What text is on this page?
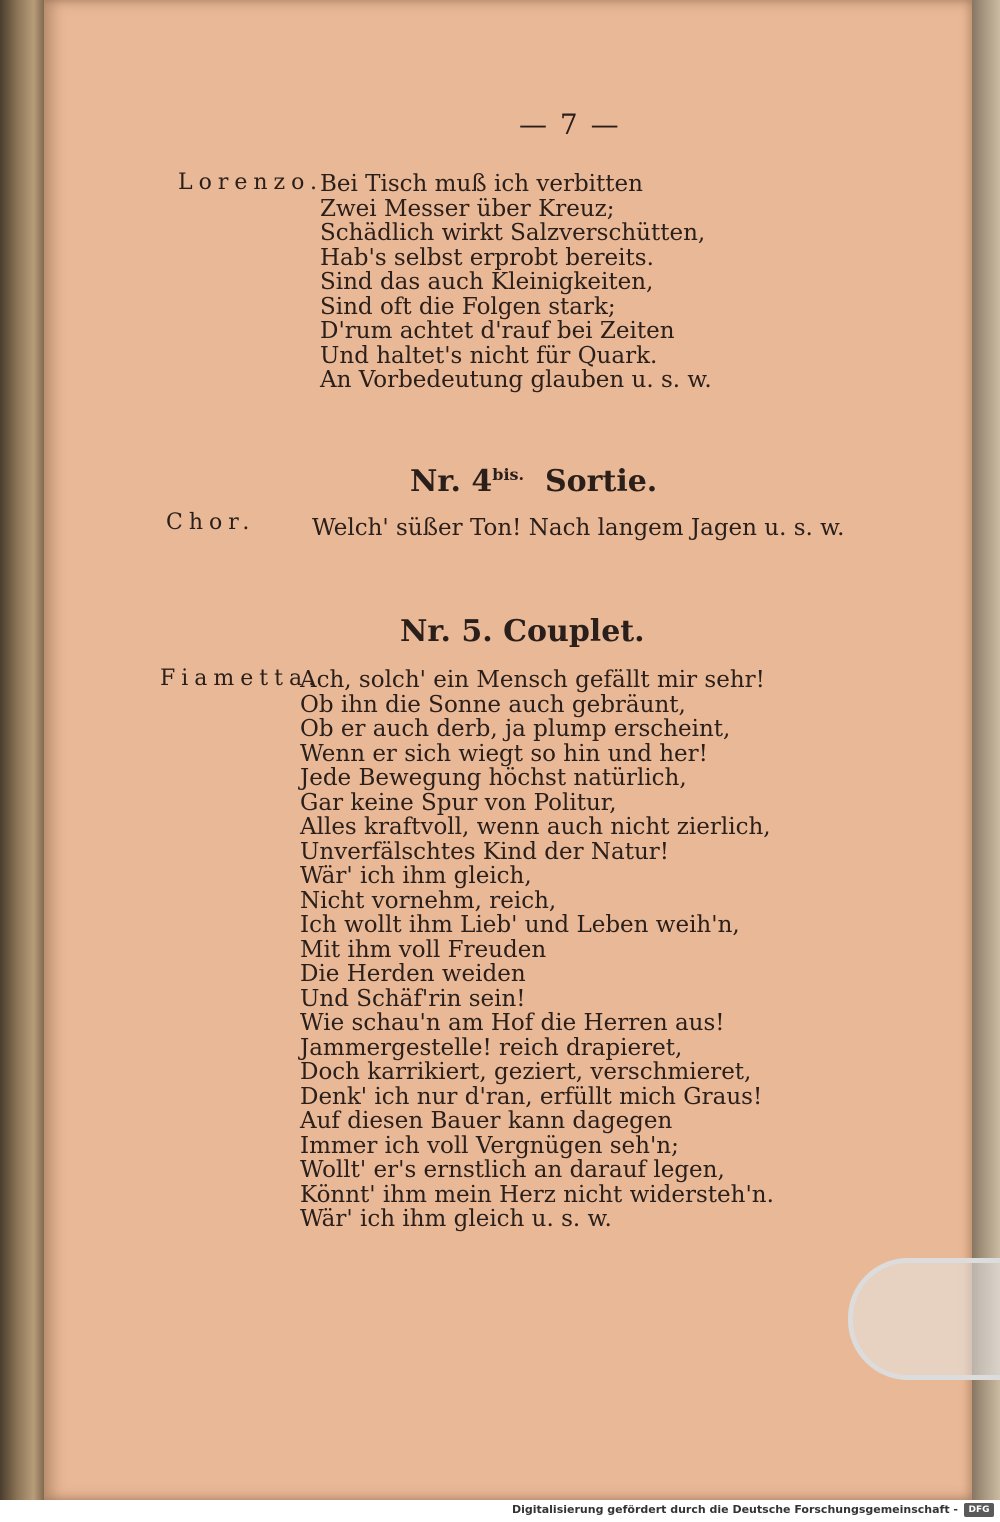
— 7 —
Lorenzo.
Bei Tisch muß ich verbitten
Zwei Messer über Kreuz;
Schädlich wirkt Salzverschütten,
Hab's selbst erprobt bereits.
Sind das auch Kleinigkeiten,
Sind oft die Folgen stark;
D'rum achtet d'rauf bei Zeiten
Und haltet's nicht für Quark.
An Vorbedeutung glauben u. s. w.
Nr. $4^{bis.}$ Sortie.
Chor. Welch' süßer Ton! Nach langem Jagen u. s. w.
Nr. 5. Couplet.
Fiametta.
Ach, solch' ein Mensch gefällt mir sehr!
Ob ihn die Sonne auch gebräunt,
Ob er auch derb, ja plump erscheint,
Wenn er sich wiegt so hin und her!
Jede Bewegung höchst natürlich,
Gar keine Spur von Politur,
Alles kraftvoll, wenn auch nicht zierlich,
Unverfälschtes Kind der Natur!
Wär' ich ihm gleich,
Nicht vornehm, reich,
Ich wollt ihm Lieb' und Leben weih'n,
Mit ihm voll Freuden
Die Herden weiden
Und Schäf'rin sein!
Wie schau'n am Hof die Herren aus!
Jammergestelle! reich drapieret,
Doch karrikiert, geziert, verschmieret,
Denk' ich nur d'ran, erfüllt mich Graus!
Auf diesen Bauer kann dagegen
Immer ich voll Vergnügen seh'n;
Wollt' er's ernstlich an darauf legen,
Könnt' ihm mein Herz nicht widersteh'n.
Wär' ich ihm gleich u. s. w.
Digitalisierung gefördert durch die Deutsche Forschungsgemeinschaft -	DFG
